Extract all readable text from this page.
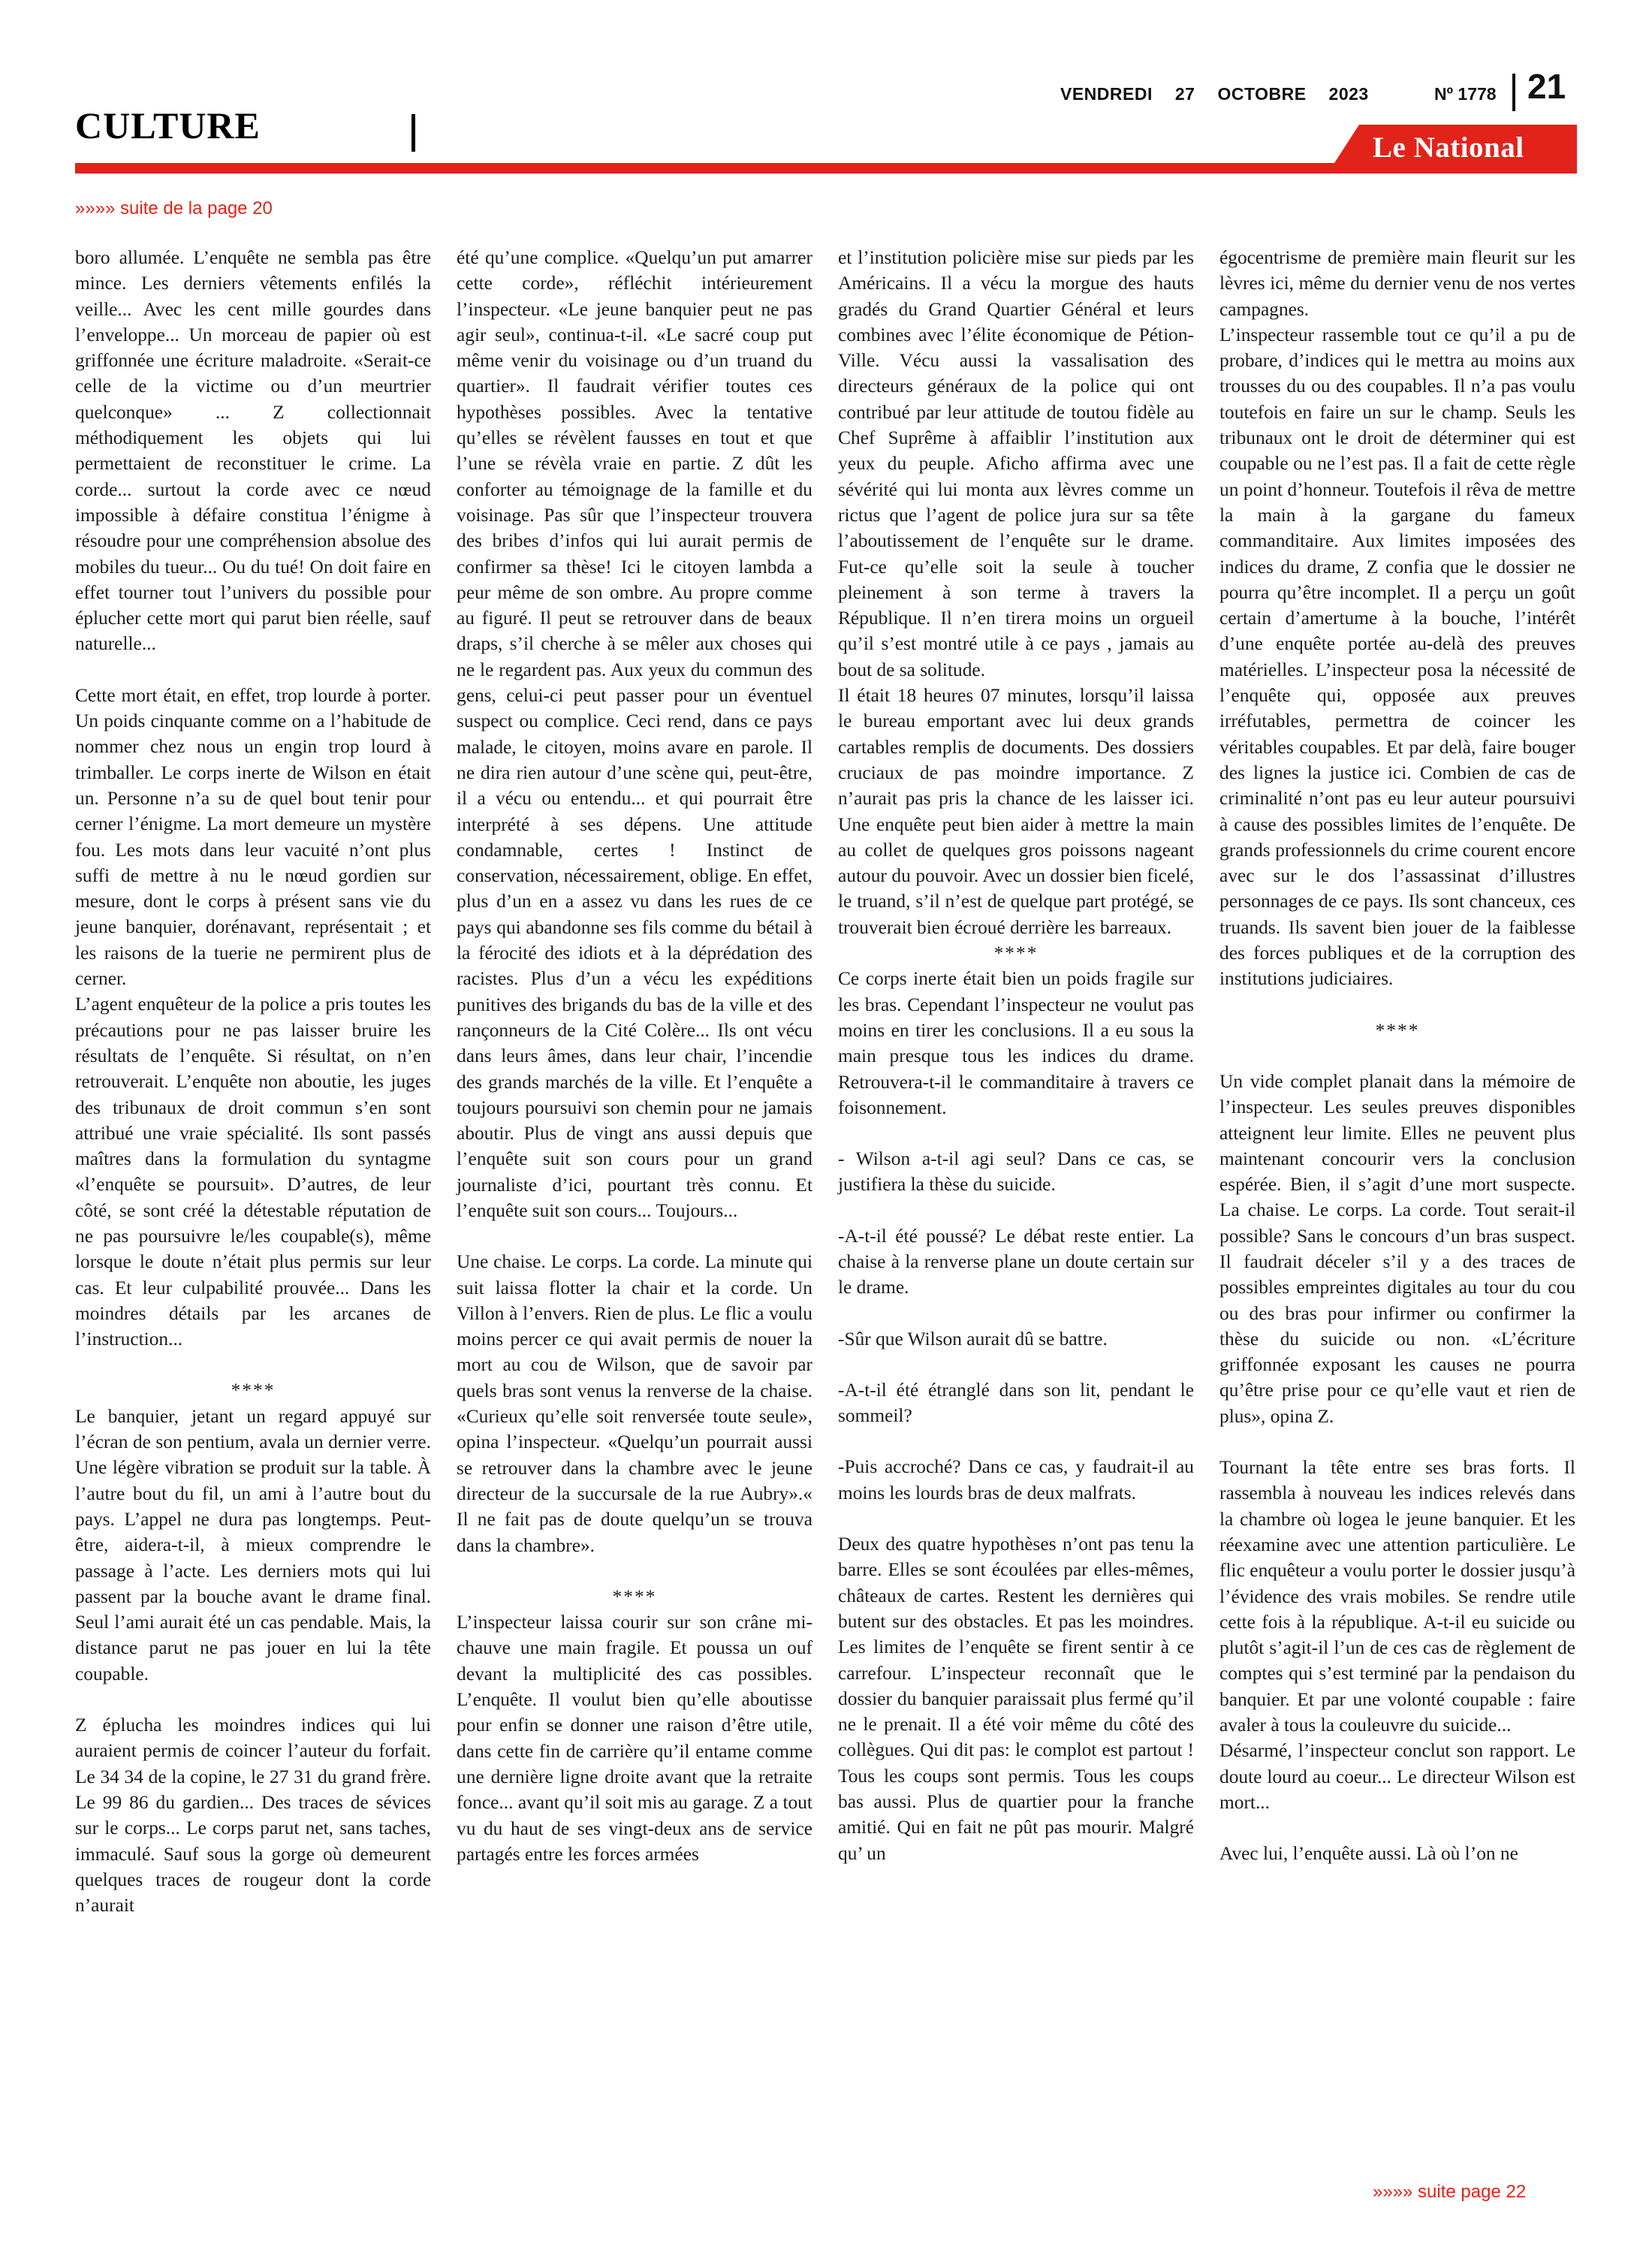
VENDREDI 27 OCTOBRE 2023	Nº 1778 21
CULTURE
Le National
»»»» suite de la page 20

boro allumée. L’enquête ne sembla pas être mince. Les derniers vêtements enfilés la veille... Avec les cent mille gourdes dans l’enveloppe... Un morceau de papier où est griffonnée une écriture maladroite. «Serait-ce celle de la victime ou d’un meurtrier quelconque» ... Z collectionnait méthodiquement les objets qui lui permettaient de reconstituer le crime. La corde... surtout la corde avec ce nœud impossible à défaire constitua l’énigme à résoudre pour une compréhension absolue des mobiles du tueur... Ou du tué! On doit faire en effet tourner tout l’univers du possible pour éplucher cette mort qui parut bien réelle, sauf naturelle...

Cette mort était, en effet, trop lourde à porter. Un poids cinquante comme on a l’habitude de nommer chez nous un engin trop lourd à trimballer. Le corps inerte de Wilson en était un. Personne n’a su de quel bout tenir pour cerner l’énigme. La mort demeure un mystère fou. Les mots dans leur vacuité n’ont plus suffi de mettre à nu le nœud gordien sur mesure, dont le corps à présent sans vie du jeune banquier, dorénavant, représentait ; et les raisons de la tuerie ne permirent plus de cerner.

L’agent enquêteur de la police a pris toutes les précautions pour ne pas laisser bruire les résultats de l’enquête. Si résultat, on n’en retrouverait. L’enquête non aboutie, les juges des tribunaux de droit commun s’en sont attribué une vraie spécialité. Ils sont passés maîtres dans la formulation du syntagme «l’enquête se poursuit». D’autres, de leur côté, se sont créé la détestable réputation de ne pas poursuivre le/les coupable(s), même lorsque le doute n’était plus permis sur leur cas. Et leur culpabilité prouvée... Dans les moindres détails par les arcanes de l’instruction...

****

Le banquier, jetant un regard appuyé sur l’écran de son pentium, avala un dernier verre. Une légère vibration se produit sur la table. À l’autre bout du fil, un ami à l’autre bout du pays. L’appel ne dura pas longtemps. Peut-être, aidera-t-il, à mieux comprendre le passage à l’acte. Les derniers mots qui lui passent par la bouche avant le drame final. Seul l’ami aurait été un cas pendable. Mais, la distance parut ne pas jouer en lui la tête coupable.

Z éplucha les moindres indices qui lui auraient permis de coincer l’auteur du forfait. Le 34 34 de la copine, le 27 31 du grand frère. Le 99 86 du gardien... Des traces de sévices sur le corps... Le corps parut net, sans taches, immaculé. Sauf sous la gorge où demeurent quelques traces de rougeur dont la corde n’aurait

été qu’une complice. «Quelqu’un put amarrer cette corde», réfléchit intérieurement l’inspecteur. «Le jeune banquier peut ne pas agir seul», continua-t-il. «Le sacré coup put même venir du voisinage ou d’un truand du quartier». Il faudrait vérifier toutes ces hypothèses possibles. Avec la tentative qu’elles se révèlent fausses en tout et que l’une se révèla vraie en partie. Z dût les conforter au témoignage de la famille et du voisinage. Pas sûr que l’inspecteur trouvera des bribes d’infos qui lui aurait permis de confirmer sa thèse! Ici le citoyen lambda a peur même de son ombre. Au propre comme au figuré. Il peut se retrouver dans de beaux draps, s’il cherche à se mêler aux choses qui ne le regardent pas. Aux yeux du commun des gens, celui-ci peut passer pour un éventuel suspect ou complice. Ceci rend, dans ce pays malade, le citoyen, moins avare en parole. Il ne dira rien autour d’une scène qui, peut-être, il a vécu ou entendu... et qui pourrait être interprété à ses dépens. Une attitude condamnable, certes ! Instinct de conservation, nécessairement, oblige. En effet, plus d’un en a assez vu dans les rues de ce pays qui abandonne ses fils comme du bétail à la férocité des idiots et à la déprédation des racistes. Plus d’un a vécu les expéditions punitives des brigands du bas de la ville et des rançonneurs de la Cité Colère... Ils ont vécu dans leurs âmes, dans leur chair, l’incendie des grands marchés de la ville. Et l’enquête a toujours poursuivi son chemin pour ne jamais aboutir. Plus de vingt ans aussi depuis que l’enquête suit son cours pour un grand journaliste d’ici, pourtant très connu. Et l’enquête suit son cours... Toujours...

Une chaise. Le corps. La corde. La minute qui suit laissa flotter la chair et la corde. Un Villon à l’envers. Rien de plus. Le flic a voulu moins percer ce qui avait permis de nouer la mort au cou de Wilson, que de savoir par quels bras sont venus la renverse de la chaise. «Curieux qu’elle soit renversée toute seule», opina l’inspecteur. «Quelqu’un pourrait aussi se retrouver dans la chambre avec le jeune directeur de la succursale de la rue Aubry».« Il ne fait pas de doute quelqu’un se trouva dans la chambre».

****

L’inspecteur laissa courir sur son crâne mi- chauve une main fragile. Et poussa un ouf devant la multiplicité des cas possibles. L’enquête. Il voulut bien qu’elle aboutisse pour enfin se donner une raison d’être utile, dans cette fin de carrière qu’il entame comme une dernière ligne droite avant que la retraite fonce... avant qu’il soit mis au garage. Z a tout vu du haut de ses vingt-deux ans de service partagés entre les forces armées

et l’institution policière mise sur pieds par les Américains. Il a vécu la morgue des hauts gradés du Grand Quartier Général et leurs combines avec l’élite économique de Pétion-Ville. Vécu aussi la vassalisation des directeurs généraux de la police qui ont contribué par leur attitude de toutou fidèle au Chef Suprême à affaiblir l’institution aux yeux du peuple. Aficho affirma avec une sévérité qui lui monta aux lèvres comme un rictus que l’agent de police jura sur sa tête l’aboutissement de l’enquête sur le drame. Fut-ce qu’elle soit la seule à toucher pleinement à son terme à travers la République. Il n’en tirera moins un orgueil qu’il s’est montré utile à ce pays , jamais au bout de sa solitude.

Il était 18 heures 07 minutes, lorsqu’il laissa le bureau emportant avec lui deux grands cartables remplis de documents. Des dossiers cruciaux de pas moindre importance. Z n’aurait pas pris la chance de les laisser ici. Une enquête peut bien aider à mettre la main au collet de quelques gros poissons nageant autour du pouvoir. Avec un dossier bien ficelé, le truand, s’il n’est de quelque part protégé, se trouverait bien écroué derrière les barreaux.

****

Ce corps inerte était bien un poids fragile sur les bras. Cependant l’inspecteur ne voulut pas moins en tirer les conclusions. Il a eu sous la main presque tous les indices du drame. Retrouvera-t-il le commanditaire à travers ce foisonnement.

- Wilson a-t-il agi seul? Dans ce cas, se justifiera la thèse du suicide.

-A-t-il été poussé? Le débat reste entier. La chaise à la renverse plane un doute certain sur le drame.

-Sûr que Wilson aurait dû se battre.

-A-t-il été étranglé dans son lit, pendant le sommeil?

-Puis accroché? Dans ce cas, y faudrait-il au moins les lourds bras de deux malfrats.

Deux des quatre hypothèses n’ont pas tenu la barre. Elles se sont écoulées par elles-mêmes, châteaux de cartes. Restent les dernières qui butent sur des obstacles. Et pas les moindres. Les limites de l’enquête se firent sentir à ce carrefour. L’inspecteur reconnaît que le dossier du banquier paraissait plus fermé qu’il ne le prenait. Il a été voir même du côté des collègues. Qui dit pas: le complot est partout ! Tous les coups sont permis. Tous les coups bas aussi. Plus de quartier pour la franche amitié. Qui en fait ne pût pas mourir. Malgré qu’ un

égocentrisme de première main fleurit sur les lèvres ici, même du dernier venu de nos vertes campagnes.

L’inspecteur rassemble tout ce qu’il a pu de probare, d’indices qui le mettra au moins aux trousses du ou des coupables. Il n’a pas voulu toutefois en faire un sur le champ. Seuls les tribunaux ont le droit de déterminer qui est coupable ou ne l’est pas. Il a fait de cette règle un point d’honneur. Toutefois il rêva de mettre la main à la gargane du fameux commanditaire. Aux limites imposées des indices du drame, Z confia que le dossier ne pourra qu’être incomplet. Il a perçu un goût certain d’amertume à la bouche, l’intérêt d’une enquête portée au-delà des preuves matérielles. L’inspecteur posa la nécessité de l’enquête qui, opposée aux preuves irréfutables, permettra de coincer les véritables coupables. Et par delà, faire bouger des lignes la justice ici. Combien de cas de criminalité n’ont pas eu leur auteur poursuivi à cause des possibles limites de l’enquête. De grands professionnels du crime courent encore avec sur le dos l’assassinat d’illustres personnages de ce pays. Ils sont chanceux, ces truands. Ils savent bien jouer de la faiblesse des forces publiques et de la corruption des institutions judiciaires.

****

Un vide complet planait dans la mémoire de l’inspecteur. Les seules preuves disponibles atteignent leur limite. Elles ne peuvent plus maintenant concourir vers la conclusion espérée. Bien, il s’agit d’une mort suspecte. La chaise. Le corps. La corde. Tout serait-il possible? Sans le concours d’un bras suspect. Il faudrait déceler s’il y a des traces de possibles empreintes digitales au tour du cou ou des bras pour infirmer ou confirmer la thèse du suicide ou non. «L’écriture griffonnée exposant les causes ne pourra qu’être prise pour ce qu’elle vaut et rien de plus», opina Z.

Tournant la tête entre ses bras forts. Il rassembla à nouveau les indices relevés dans la chambre où logea le jeune banquier. Et les réexamine avec une attention particulière. Le flic enquêteur a voulu porter le dossier jusqu’à l’évidence des vrais mobiles. Se rendre utile cette fois à la république. A-t-il eu suicide ou plutôt s’agit-il l’un de ces cas de règlement de comptes qui s’est terminé par la pendaison du banquier. Et par une volonté coupable : faire avaler à tous la couleuvre du suicide...

Désarmé, l’inspecteur conclut son rapport. Le doute lourd au coeur... Le directeur Wilson est mort...

Avec lui, l’enquête aussi. Là où l’on ne

»»»» suite page 22
